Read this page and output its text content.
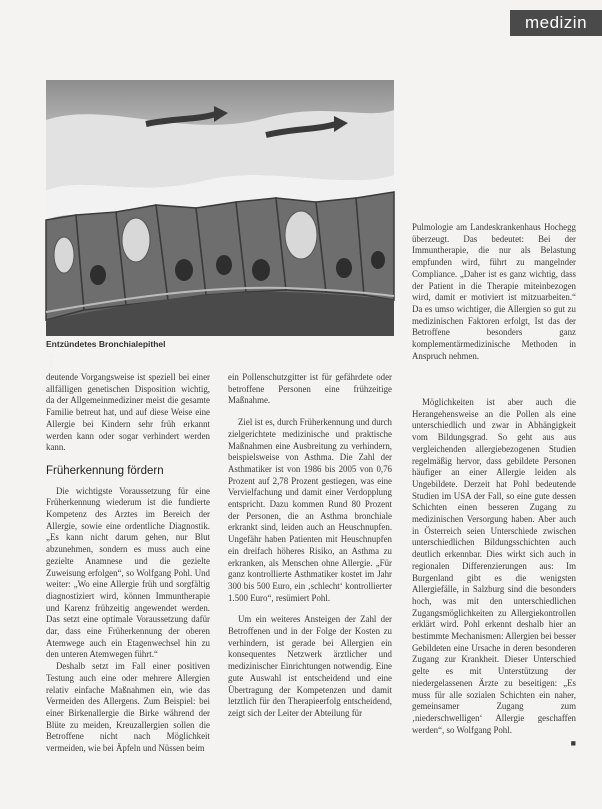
medizin
© SCIENCE
Entzündetes Bronchialepithel

deutende Vorgangsweise ist speziell bei einer allfälligen genetischen Disposition wichtig, da der Allgemeinmediziner meist die gesamte Familie betreut hat, und auf diese Weise eine Allergie bei Kindern sehr früh erkannt werden kann oder sogar verhindert werden kann.

Früherkennung fördern

Die wichtigste Voraussetzung für eine Früherkennung wiederum ist die fundierte Kompetenz des Arztes im Bereich der Allergie, sowie eine ordentliche Diagnostik. „Es kann nicht darum gehen, nur Blut abzunehmen, sondern es muss auch eine gezielte Anamnese und die gezielte Zuweisung erfolgen“, so Wolfgang Pohl. Und weiter: „Wo eine Allergie früh und sorgfältig diagnostiziert wird, können Immuntherapie und Karenz frühzeitig angewendet werden. Das setzt eine optimale Voraussetzung dafür dar, dass eine Früherkennung der oberen Atemwege auch ein Etagenwechsel hin zu den unteren Atemwegen führt.“

Deshalb setzt im Fall einer positiven Testung auch eine oder mehrere Allergien relativ einfache Maßnahmen ein, wie das Vermeiden des Allergens. Zum Beispiel: bei einer Birkenallergie die Birke während der Blüte zu meiden, Kreuzallergien sollen die Betroffene nicht nach Möglichkeit vermeiden, wie bei Äpfeln und Nüssen beim

ein Pollenschutzgitter ist für gefährdete oder betroffene Personen eine frühzeitige Maßnahme.

Ziel ist es, durch Früherkennung und durch zielgerichtete medizinische und praktische Maßnahmen eine Ausbreitung zu verhindern, beispielsweise von Asthma. Die Zahl der Asthmatiker ist von 1986 bis 2005 von 0,76 Prozent auf 2,78 Prozent gestiegen, was eine Vervielfachung und damit einer Verdopplung entspricht. Dazu kommen Rund 80 Prozent der Personen, die an Asthma bronchiale erkrankt sind, leiden auch an Heuschnupfen. Ungefähr haben Patienten mit Heuschnupfen ein dreifach höheres Risiko, an Asthma zu erkranken, als Menschen ohne Allergie. „Für ganz kontrollierte Asthmatiker kostet im Jahr 300 bis 500 Euro, ein ‚schlecht‘ kontrollierter 1.500 Euro“, resümiert Pohl.

Um ein weiteres Ansteigen der Zahl der Betroffenen und in der Folge der Kosten zu verhindern, ist gerade bei Allergien ein konsequentes Netzwerk ärztlicher und medizinischer Einrichtungen notwendig. Eine gute Auswahl ist entscheidend und eine Übertragung der Kompetenzen und damit letztlich für den Therapieerfolg entscheidend, zeigt sich der Leiter der Abteilung für

Pulmologie am Landeskrankenhaus Hochegg überzeugt. Das bedeutet: Bei der Immuntherapie, die nur als Belastung empfunden wird, führt zu mangelnder Compliance. „Daher ist es ganz wichtig, dass der Patient in die Therapie miteinbezogen wird, damit er motiviert ist mitzuarbeiten.“ Da es umso wichtiger, die Allergien so gut zu medizinischen Faktoren erfolgt, Ist das der Betroffene besonders ganz komplementärmedizinische Methoden in Anspruch nehmen.

Möglichkeiten ist aber auch die Herangehensweise an die Pollen als eine unterschiedlich und zwar in Abhängigkeit vom Bildungsgrad. So geht aus aus vergleichenden allergiebezogenen Studien regelmäßig hervor, dass gebildete Personen häufiger an einer Allergie leiden als Ungebildete. Derzeit hat Pohl bedeutende Studien im USA der Fall, so eine gute dessen Schichten einen besseren Zugang zu medizinischen Versorgung haben. Aber auch in Österreich seien Unterschiede zwischen unterschiedlichen Bildungsschichten auch deutlich erkennbar. Dies wirkt sich auch in regionalen Differenzierungen aus: Im Burgenland gibt es die wenigsten Allergiefälle, in Salzburg sind die besonders hoch, was mit den unterschiedlichen Zugangsmöglichkeiten zu Allergiekontrollen erklärt wird. Pohl erkennt deshalb hier an bestimmte Mechanismen: Allergien bei besser Gebildeten eine Ursache in deren besonderen Zugang zur Krankheit. Dieser Unterschied gelte es mit Unterstützung der niedergelassenen Ärzte zu beseitigen: „Es muss für alle sozialen Schichten ein naher, gemeinsamer Zugang zum ‚niederschwelligen‘ Allergie geschaffen werden“, so Wolfgang Pohl.

■
